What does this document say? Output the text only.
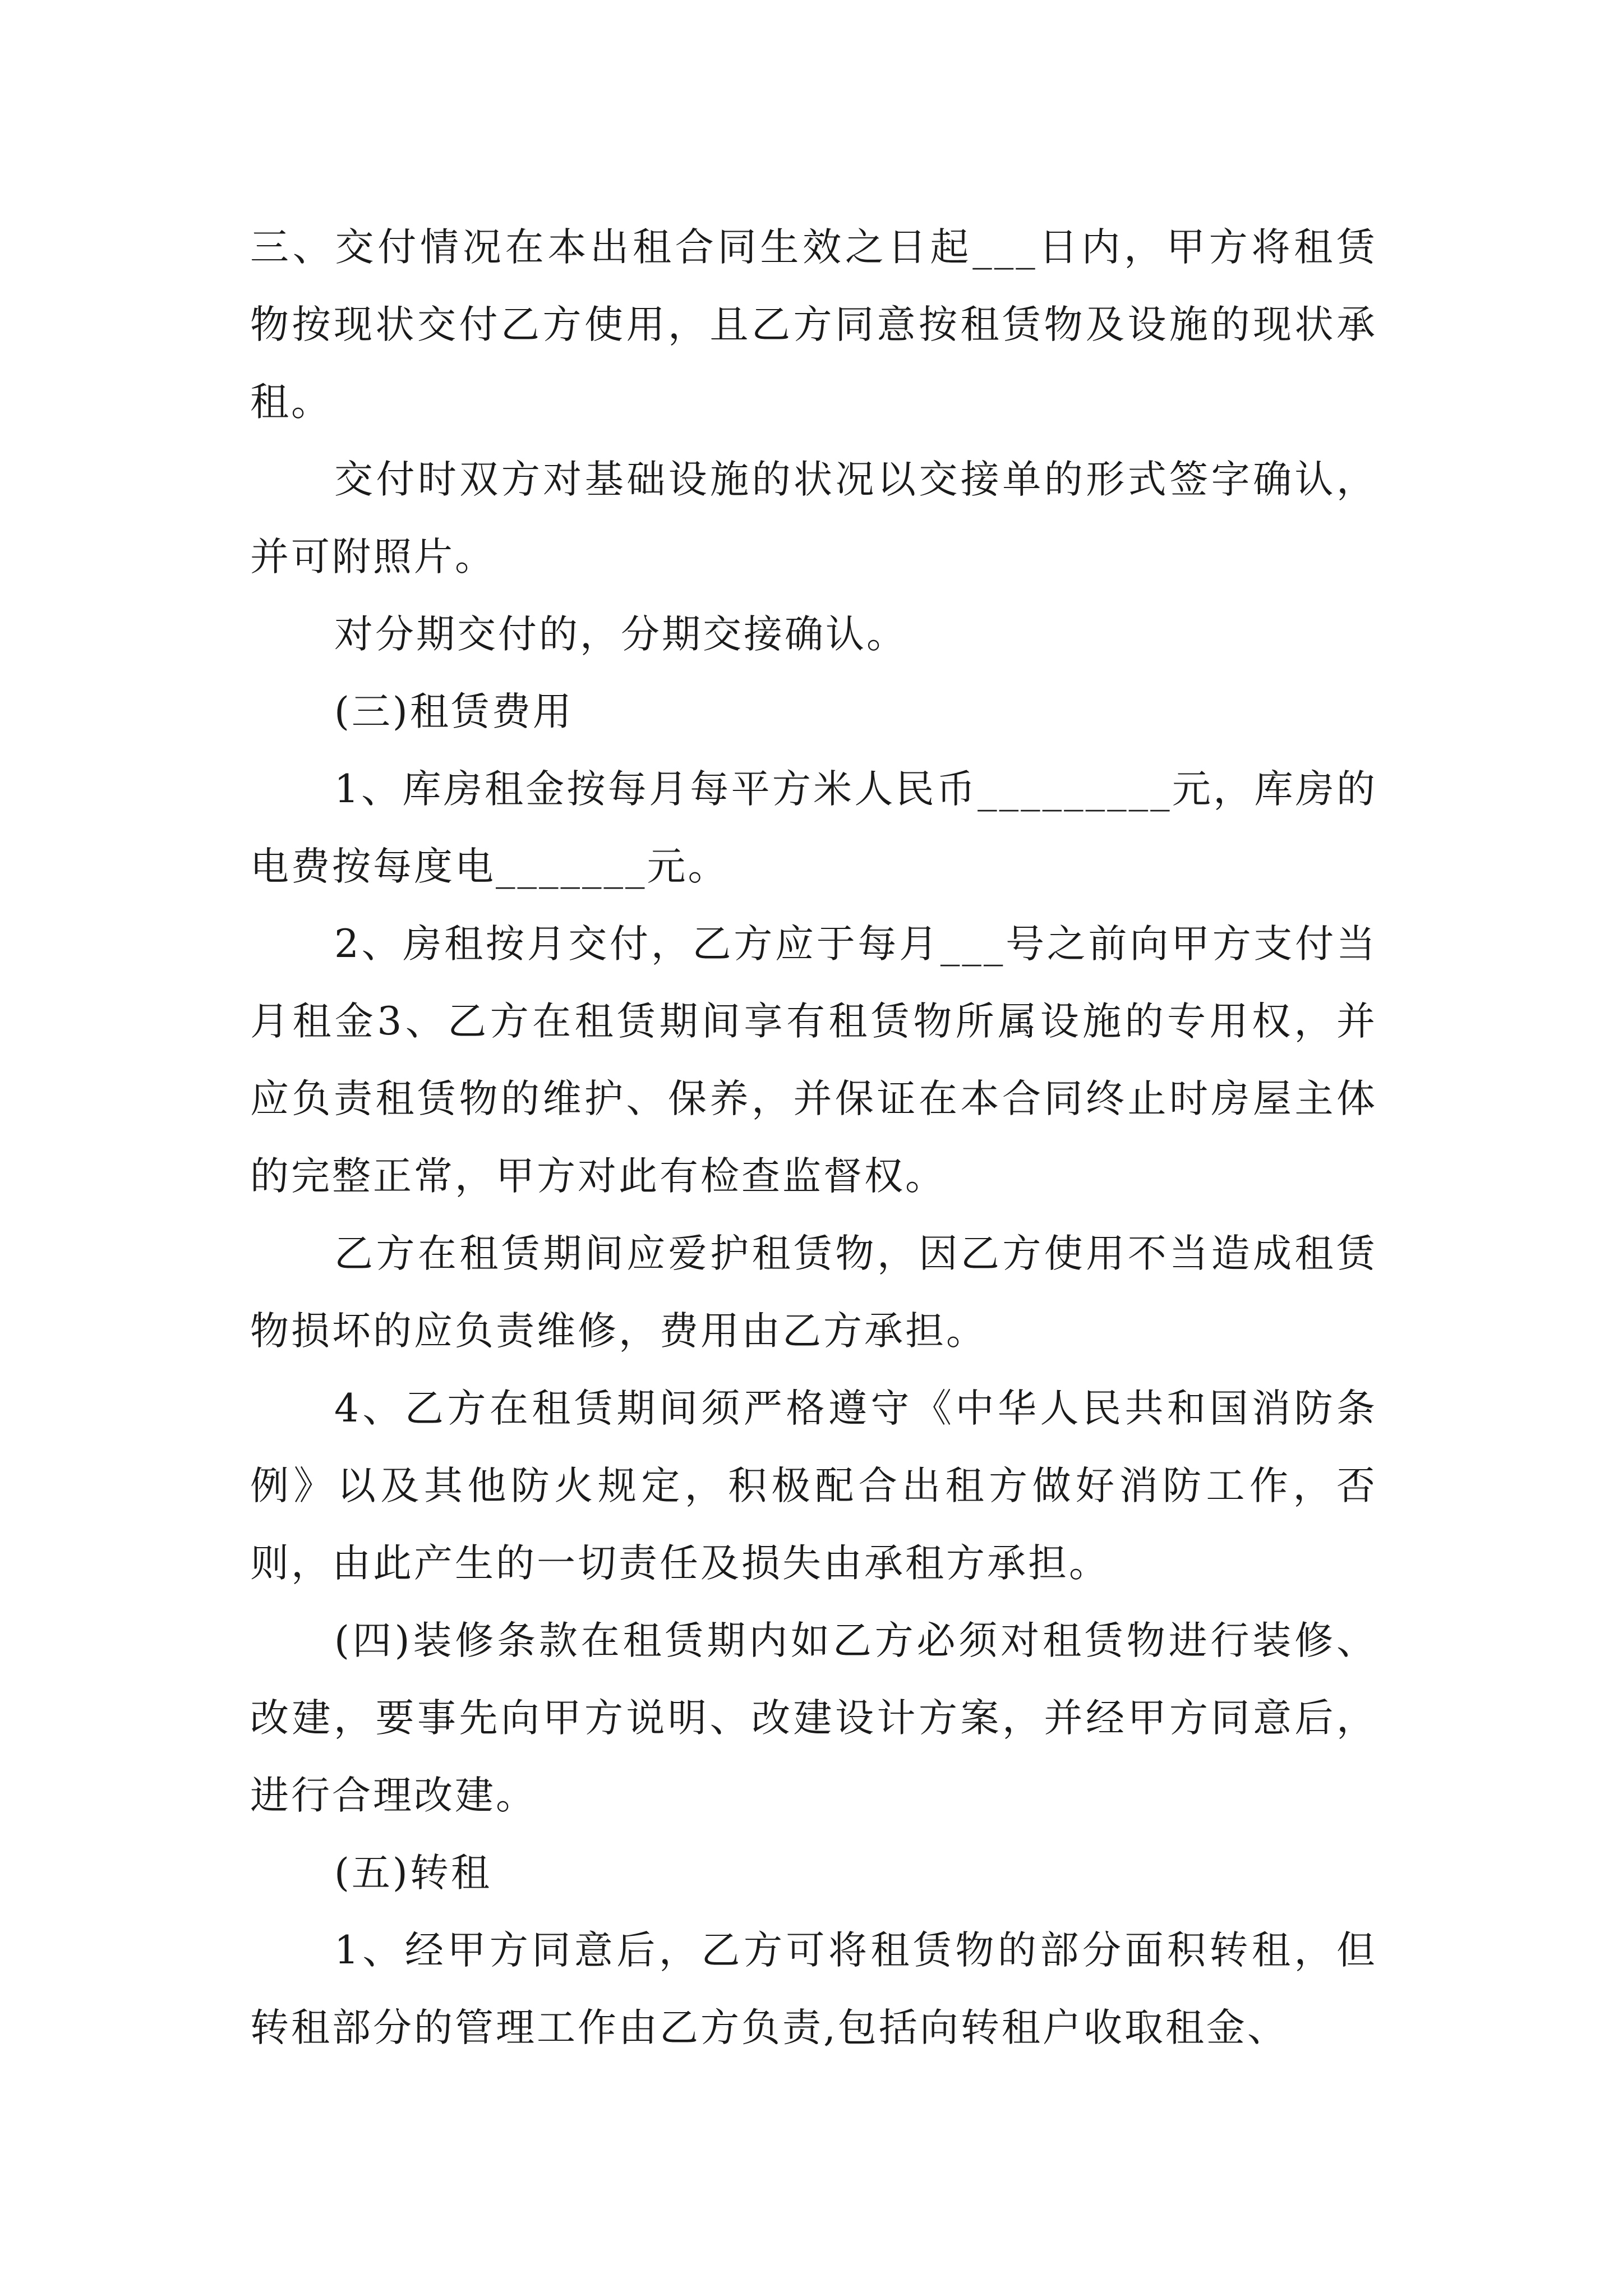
三、交付情况在本出租合同生效之日起___日内，甲方将租赁物按现状交付乙方使用，且乙方同意按租赁物及设施的现状承租。

交付时双方对基础设施的状况以交接单的形式签字确认，并可附照片。

对分期交付的，分期交接确认。

(三)租赁费用

1、库房租金按每月每平方米人民币_________元，库房的电费按每度电_______元。

2、房租按月交付，乙方应于每月___号之前向甲方支付当月租金3、乙方在租赁期间享有租赁物所属设施的专用权，并应负责租赁物的维护、保养，并保证在本合同终止时房屋主体的完整正常，甲方对此有检查监督权。

乙方在租赁期间应爱护租赁物，因乙方使用不当造成租赁物损坏的应负责维修，费用由乙方承担。

4、乙方在租赁期间须严格遵守《中华人民共和国消防条例》以及其他防火规定，积极配合出租方做好消防工作，否则，由此产生的一切责任及损失由承租方承担。

(四)装修条款在租赁期内如乙方必须对租赁物进行装修、改建，要事先向甲方说明、改建设计方案，并经甲方同意后，进行合理改建。

(五)转租

1、经甲方同意后，乙方可将租赁物的部分面积转租，但转租部分的管理工作由乙方负责,包括向转租户收取租金、
